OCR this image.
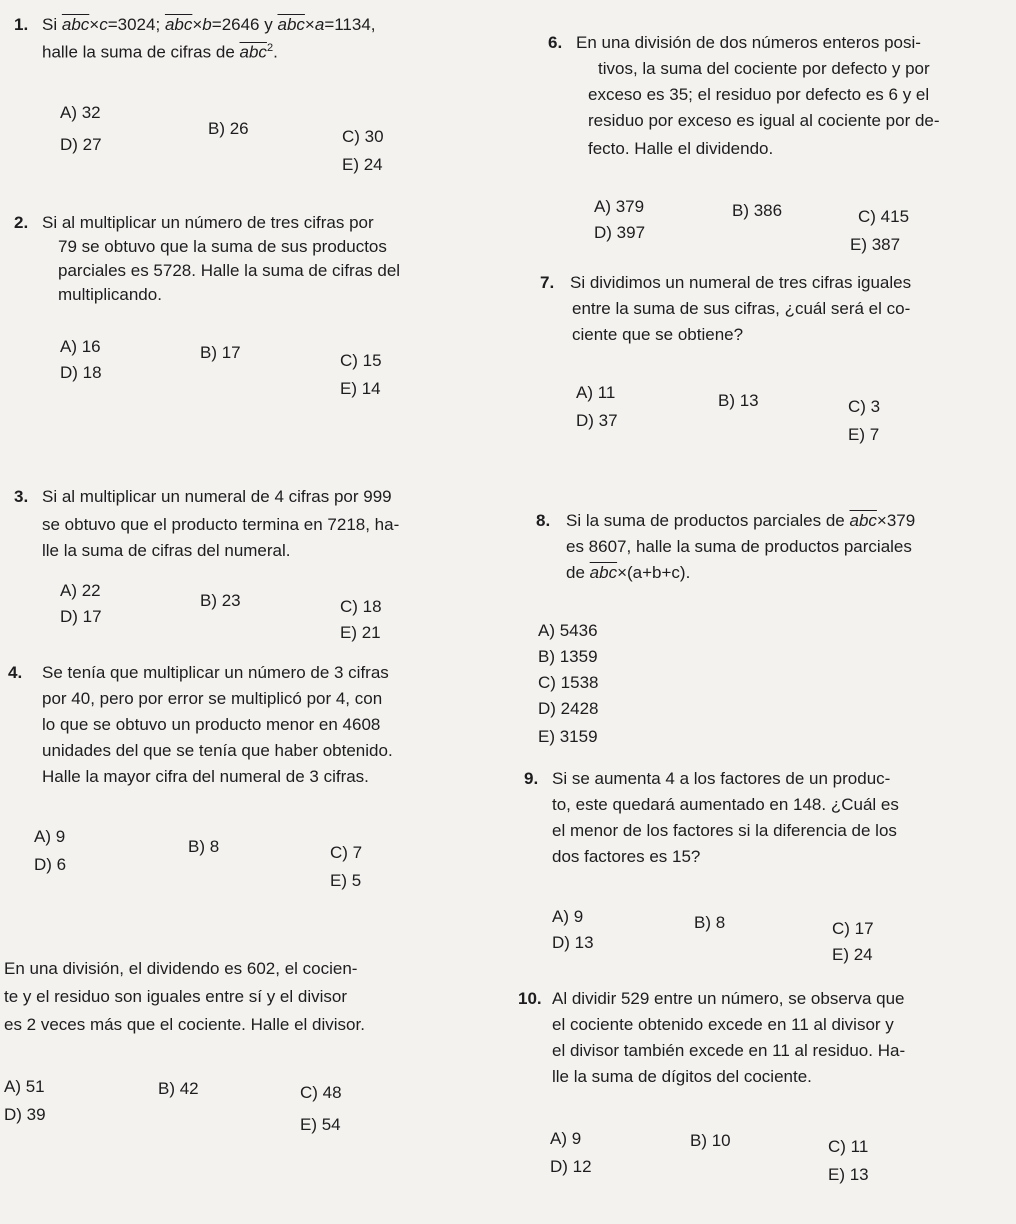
1. Si $\overline{abc}\times c=3024$; $\overline{abc}\times b=2646$ y $\overline{abc}\times a=1134$,
halle la suma de cifras de $\overline{abc}^2$.
A) 32
B) 26	C) 30
D) 27
E) 24
2. Si al multiplicar un número de tres cifras por
79 se obtuvo que la suma de sus productos
parciales es 5728. Halle la suma de cifras del
multiplicando.
A) 16	B) 17	C) 15
D) 18
E) 14
3. Si al multiplicar un numeral de 4 cifras por 999
se obtuvo que el producto termina en 7218, ha-
lle la suma de cifras del numeral.
A) 22
B) 23	C) 18
D) 17
E) 21
4. Se tenía que multiplicar un número de 3 cifras
por 40, pero por error se multiplicó por 4, con
lo que se obtuvo un producto menor en 4608
unidades del que se tenía que haber obtenido.
Halle la mayor cifra del numeral de 3 cifras.
A) 9
B) 8	C) 7
D) 6
E) 5
En una división, el dividendo es 602, el cocien-
te y el residuo son iguales entre sí y el divisor
es 2 veces más que el cociente. Halle el divisor.
A) 51	B) 42	C) 48
D) 39
E) 54
6. En una división de dos números enteros posi-
tivos, la suma del cociente por defecto y por
exceso es 35; el residuo por defecto es 6 y el
residuo por exceso es igual al cociente por de-
fecto. Halle el dividendo.
A) 379	B) 386	C) 415
D) 397
E) 387
7. Si dividimos un numeral de tres cifras iguales
entre la suma de sus cifras, ¿cuál será el co-
ciente que se obtiene?
A) 11	B) 13	C) 3
D) 37
E) 7
8. Si la suma de productos parciales de $\overline{abc}\times 379$
es 8607, halle la suma de productos parciales
de $\overline{abc}\times(a+b+c)$.
A) 5436
B) 1359
C) 1538
D) 2428
E) 3159
9. Si se aumenta 4 a los factores de un produc-
to, este quedará aumentado en 148. ¿Cuál es
el menor de los factores si la diferencia de los
dos factores es 15?
A) 9	B) 8	C) 17
D) 13
E) 24
10. Al dividir 529 entre un número, se observa que
el cociente obtenido excede en 11 al divisor y
el divisor también excede en 11 al residuo. Ha-
lle la suma de dígitos del cociente.
A) 9	B) 10	C) 11
D) 12	E) 13
